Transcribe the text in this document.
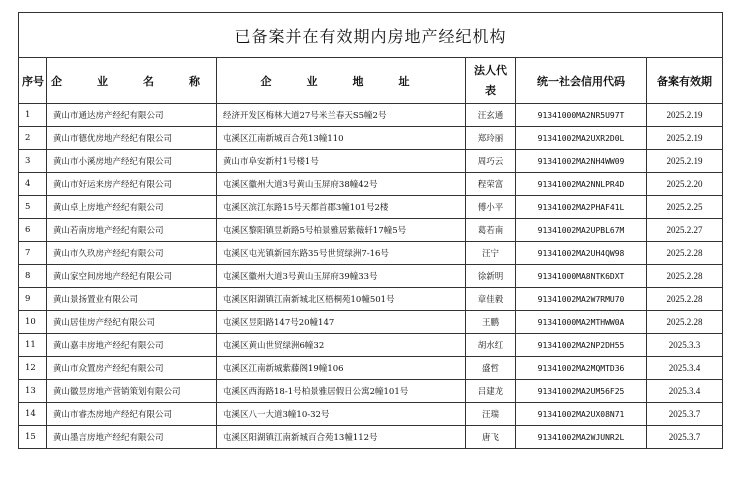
已备案并在有效期内房地产经纪机构					
序号	企　业　名　称	企　业　地　址	法人代表	统一社会信用代码	备案有效期
1	黄山市通达房产经纪有限公司	经济开发区梅林大道27号米兰春天S5幢2号	汪玄通	91341000MA2NR5U97T	2025.2.19
2	黄山市德优房地产经纪有限公司	屯溪区江南新城百合苑13幢110	郑玲丽	91341002MA2UXR2D0L	2025.2.19
3	黄山市小溪房地产经纪有限公司	黄山市阜安新村1号楼1号	周巧云	91341002MA2NH4WW09	2025.2.19
4	黄山市好运来房产经纪有限公司	屯溪区徽州大道3号黄山玉屏府38幢42号	程荣富	91341002MA2NNLPR4D	2025.2.20
5	黄山卓上房地产经纪有限公司	屯溪区滨江东路15号天都首郡3幢101号2楼	傅小平	91341002MA2PHAF41L	2025.2.25
6	黄山若南房地产经纪有限公司	屯溪区黎阳镇昱新路5号柏景雅居紫薇轩17幢5号	葛若南	91341002MA2UPBL67M	2025.2.27
7	黄山市久玖房产经纪有限公司	屯溪区屯光镇新园东路35号世贸绿洲7-16号	汪宁	91341002MA2UH4QW98	2025.2.28
8	黄山家空间房地产经纪有限公司	屯溪区徽州大道3号黄山玉屏府39幢33号	徐新明	91341000MA8NTK6DXT	2025.2.28
9	黄山景扬置业有限公司	屯溪区阳湖镇江南新城北区梧桐苑10幢501号	章佳毅	91341002MA2W7RMU70	2025.2.28
10	黄山居佳房产经纪有限公司	屯溪区昱阳路147号20幢147	王鹏	91341000MA2MTHWW0A	2025.2.28
11	黄山嘉丰房地产经纪有限公司	屯溪区黄山世贸绿洲6幢32	胡水红	91341002MA2NP2DH55	2025.3.3
12	黄山市众置房产经纪有限公司	屯溪区江南新城紫藤阁19幢106	盛哲	91341002MA2MQMTD36	2025.3.4
13	黄山徽昱房地产营销策划有限公司	屯溪区西海路18-1号柏景雅居假日公寓2幢101号	吕建龙	91341002MA2UM56F25	2025.3.4
14	黄山市睿杰房地产经纪有限公司	屯溪区八一大道3幢10-32号	汪瑞	91341002MA2UX08N71	2025.3.7
15	黄山墨言房地产经纪有限公司	屯溪区阳湖镇江南新城百合苑13幢112号	唐飞	91341002MA2WJUNR2L	2025.3.7
